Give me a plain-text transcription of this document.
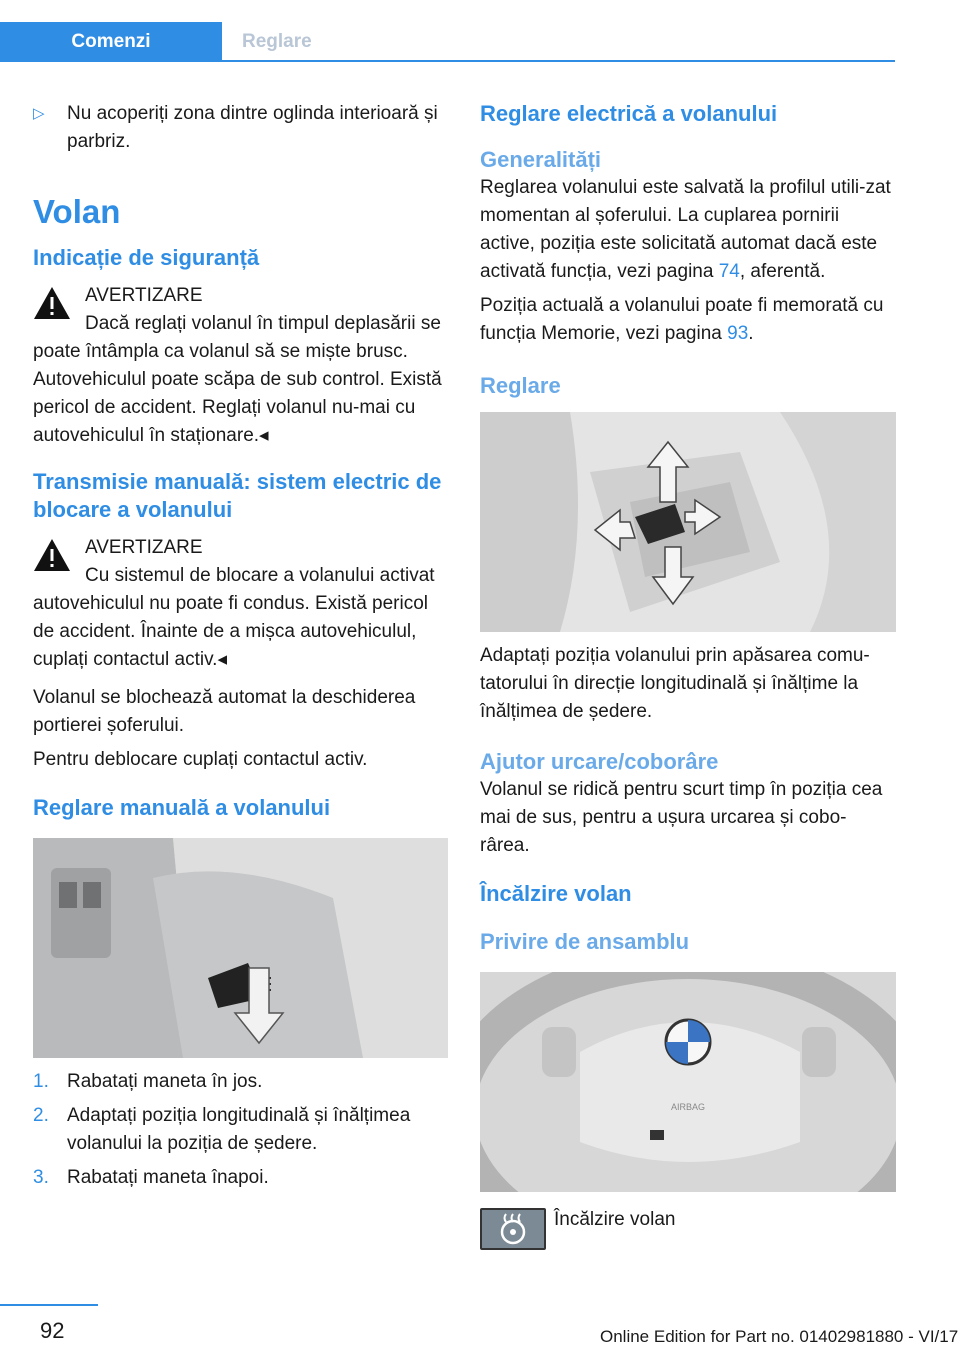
Comenzi	Reglare
▷ Nu acoperiți zona dintre oglinda interioară și parbriz.
Volan
Indicație de siguranță

AVERTIZARE

Dacă reglați volanul în timpul deplasării se poate întâmpla ca volanul să se miște brusc. Autovehiculul poate scăpa de sub control. Există pericol de accident. Reglați volanul nu-mai cu autovehiculul în staționare.◂

Transmisie manuală: sistem electric de blocare a volanului

AVERTIZARE

Cu sistemul de blocare a volanului activat autovehiculul nu poate fi condus. Există pericol de accident. Înainte de a mișca autovehiculul, cuplați contactul activ.◂

Volanul se blochează automat la deschiderea portierei șoferului.

Pentru deblocare cuplați contactul activ.

Reglare manuală a volanului
1. Rabatați maneta în jos.
2. Adaptați poziția longitudinală și înălțimea volanului la poziția de ședere.
3. Rabatați maneta înapoi.
Reglare electrică a volanului
Generalități

Reglarea volanului este salvată la profilul utili-zat momentan al șoferului. La cuplarea pornirii active, poziția este solicitată automat dacă este activată funcția, vezi pagina 74, aferentă.

Poziția actuală a volanului poate fi memorată cu funcția Memorie, vezi pagina 93.

Reglare

Adaptați poziția volanului prin apăsarea comu-tatorului în direcție longitudinală și înălțime la înălțimea de ședere.

Ajutor urcare/coborâre

Volanul se ridică pentru scurt timp în poziția cea mai de sus, pentru a ușura urcarea și cobo-rârea.

Încălzire volan
Privire de ansamblu
AIRBAG
Încălzire volan
92	Online Edition for Part no. 01402981880 - VI/17
